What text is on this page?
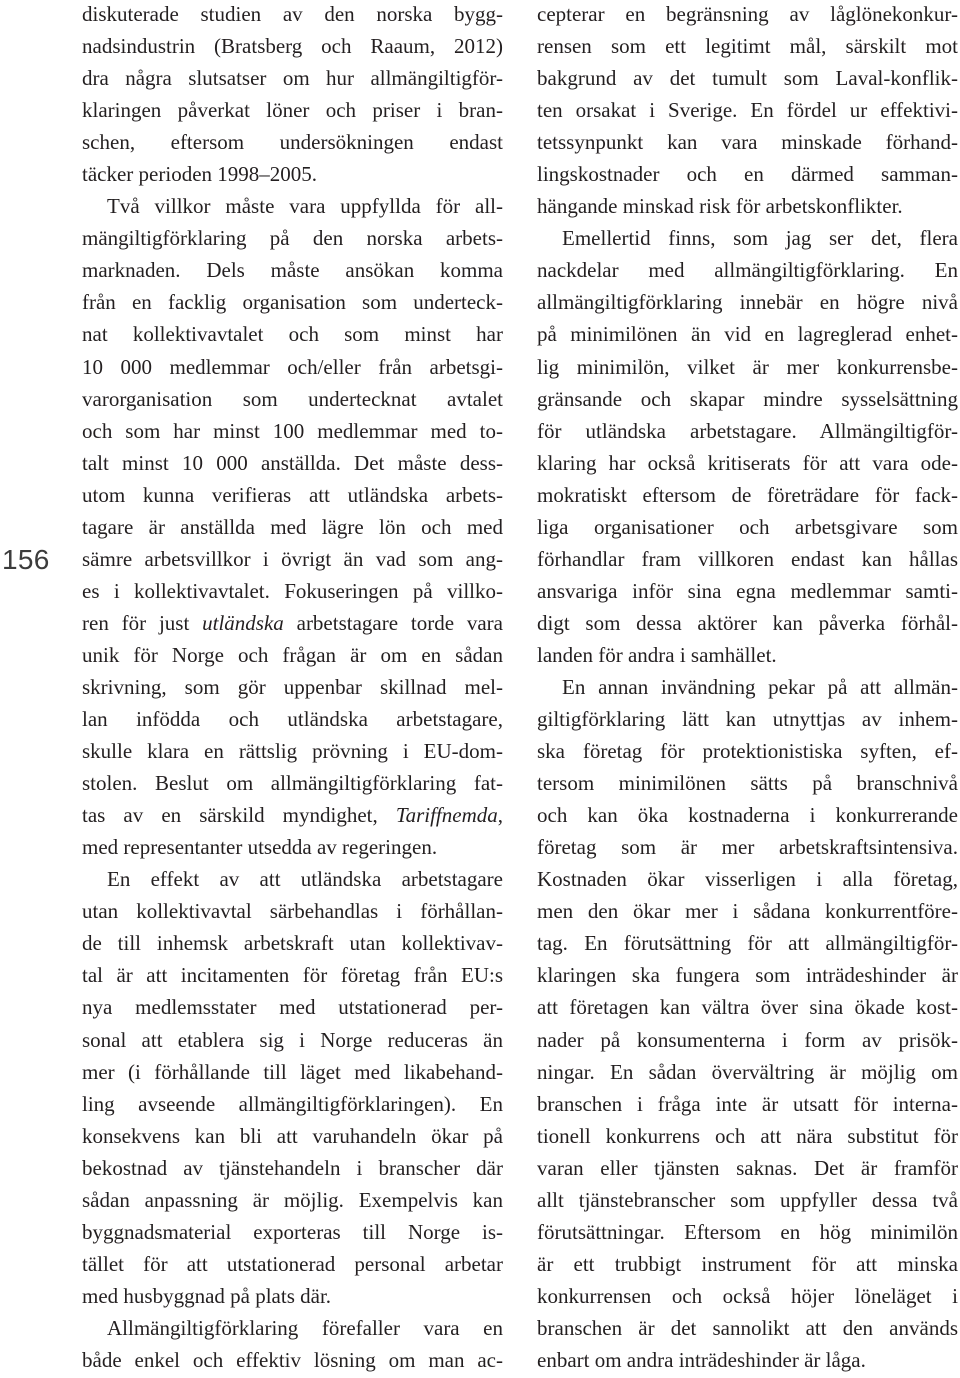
156
diskuterade studien av den norska bygg-
nadsindustrin (Bratsberg och Raaum, 2012)
dra några slutsatser om hur allmängiltigför-
klaringen påverkat löner och priser i bran-
schen, eftersom undersökningen endast
täcker perioden 1998–2005.
Två villkor måste vara uppfyllda för all-
mängiltigförklaring på den norska arbets-
marknaden. Dels måste ansökan komma
från en facklig organisation som underteck-
nat kollektivavtalet och som minst har
10 000 medlemmar och/eller från arbetsgi-
varorganisation som undertecknat avtalet
och som har minst 100 medlemmar med to-
talt minst 10 000 anställda. Det måste dess-
utom kunna verifieras att utländska arbets-
tagare är anställda med lägre lön och med
sämre arbetsvillkor i övrigt än vad som ang-
es i kollektivavtalet. Fokuseringen på villko-
ren för just utländska arbetstagare torde vara
unik för Norge och frågan är om en sådan
skrivning, som gör uppenbar skillnad mel-
lan infödda och utländska arbetstagare,
skulle klara en rättslig prövning i EU-dom-
stolen. Beslut om allmängiltigförklaring fat-
tas av en särskild myndighet, Tariffnemda,
med representanter utsedda av regeringen.
En effekt av att utländska arbetstagare
utan kollektivavtal särbehandlas i förhållan-
de till inhemsk arbetskraft utan kollektivav-
tal är att incitamenten för företag från EU:s
nya medlemsstater med utstationerad per-
sonal att etablera sig i Norge reduceras än
mer (i förhållande till läget med likabehand-
ling avseende allmängiltigförklaringen). En
konsekvens kan bli att varuhandeln ökar på
bekostnad av tjänstehandeln i branscher där
sådan anpassning är möjlig. Exempelvis kan
byggnadsmaterial exporteras till Norge is-
tället för att utstationerad personal arbetar
med husbyggnad på plats där.
Allmängiltigförklaring förefaller vara en
både enkel och effektiv lösning om man ac-
cepterar en begränsning av låglönekonkur-
rensen som ett legitimt mål, särskilt mot
bakgrund av det tumult som Laval-konflik-
ten orsakat i Sverige. En fördel ur effektivi-
tetssynpunkt kan vara minskade förhand-
lingskostnader och en därmed samman-
hängande minskad risk för arbetskonflikter.
Emellertid finns, som jag ser det, flera
nackdelar med allmängiltigförklaring. En
allmängiltigförklaring innebär en högre nivå
på minimilönen än vid en lagreglerad enhet-
lig minimilön, vilket är mer konkurrensbe-
gränsande och skapar mindre sysselsättning
för utländska arbetstagare. Allmängiltigför-
klaring har också kritiserats för att vara ode-
mokratiskt eftersom de företrädare för fack-
liga organisationer och arbetsgivare som
förhandlar fram villkoren endast kan hållas
ansvariga inför sina egna medlemmar samti-
digt som dessa aktörer kan påverka förhål-
landen för andra i samhället.
En annan invändning pekar på att allmän-
giltigförklaring lätt kan utnyttjas av inhem-
ska företag för protektionistiska syften, ef-
tersom minimilönen sätts på branschnivå
och kan öka kostnaderna i konkurrerande
företag som är mer arbetskraftsintensiva.
Kostnaden ökar visserligen i alla företag,
men den ökar mer i sådana konkurrentföre-
tag. En förutsättning för att allmängiltigför-
klaringen ska fungera som inträdeshinder är
att företagen kan vältra över sina ökade kost-
nader på konsumenterna i form av prisök-
ningar. En sådan övervältring är möjlig om
branschen i fråga inte är utsatt för interna-
tionell konkurrens och att nära substitut för
varan eller tjänsten saknas. Det är framför
allt tjänstebranscher som uppfyller dessa två
förutsättningar. Eftersom en hög minimilön
är ett trubbigt instrument för att minska
konkurrensen och också höjer löneläget i
branschen är det sannolikt att den används
enbart om andra inträdeshinder är låga.
